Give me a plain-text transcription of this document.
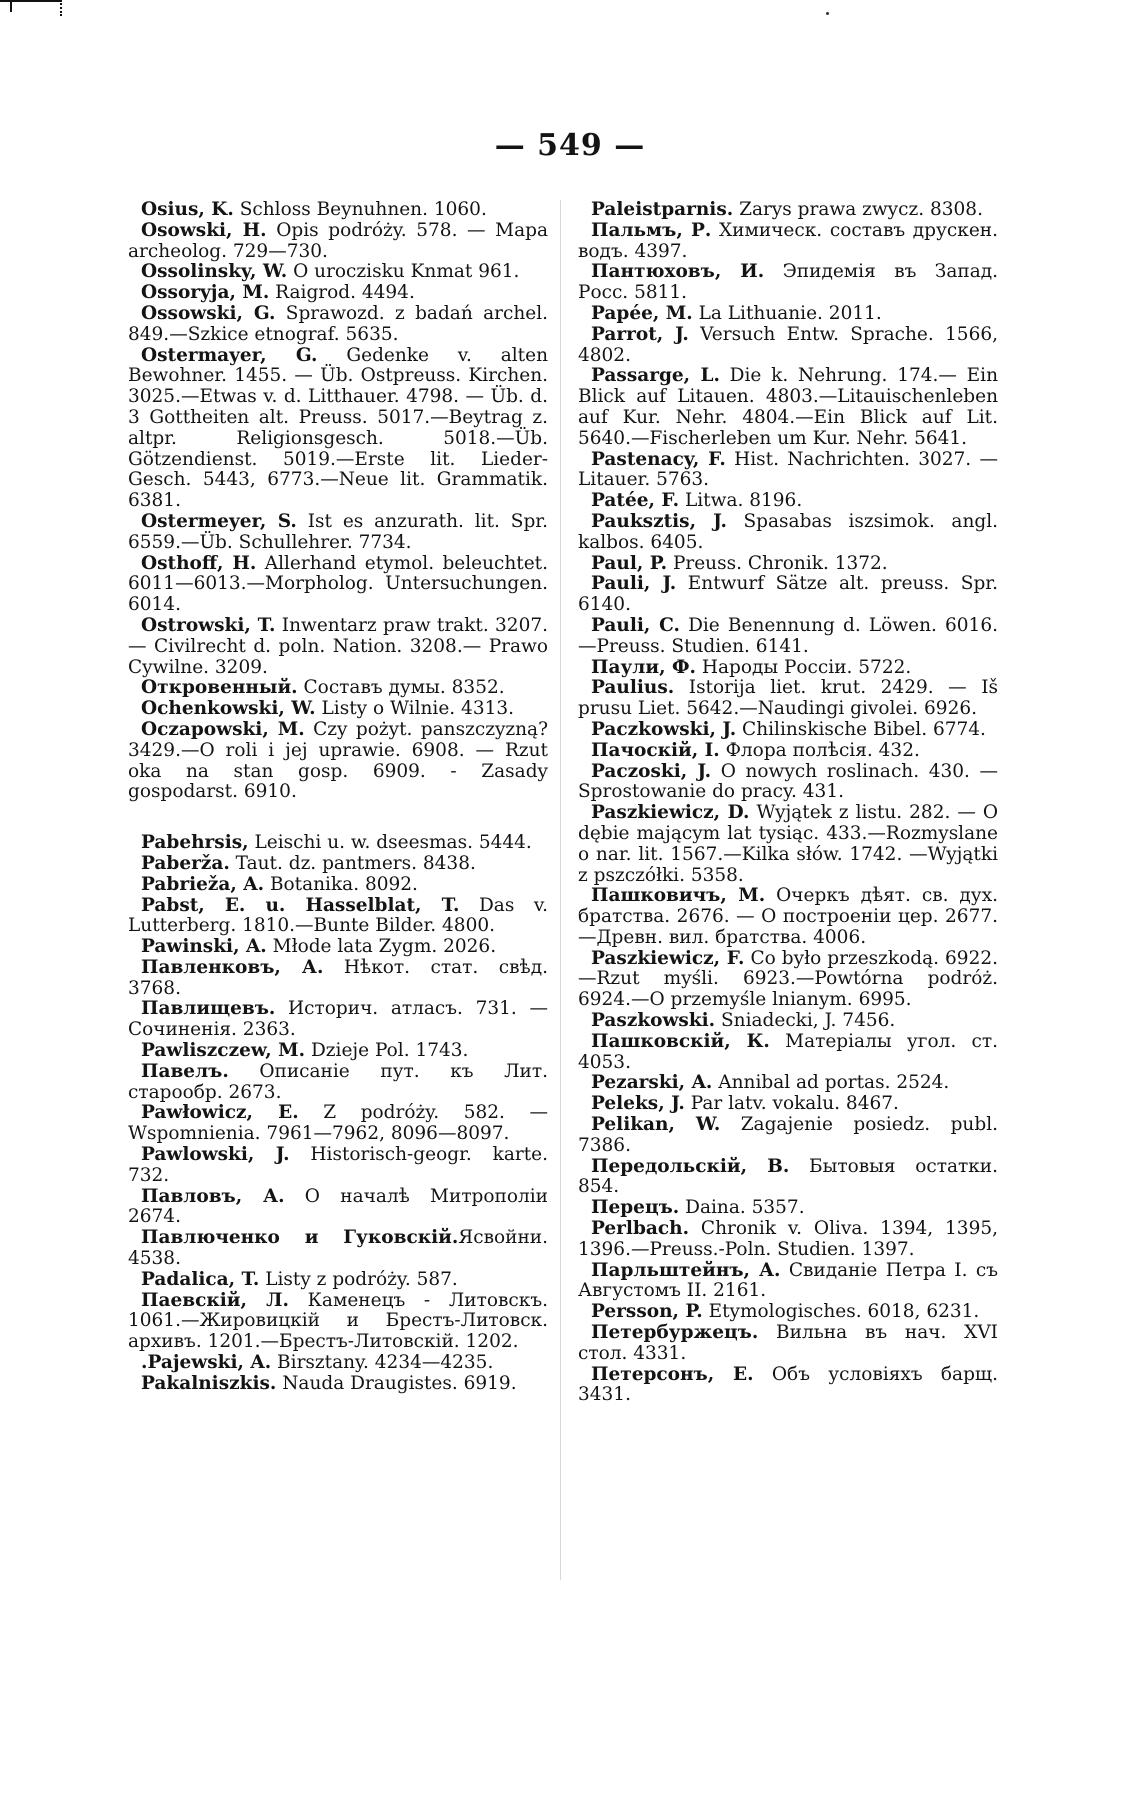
— 549 —
Osius, K. Schloss Beynuhnen. 1060.
Osowski, H. Opis podróży. 578. — Mapa archeolog. 729—730.
Ossolinsky, W. O uroczisku Knmat 961.
Ossoryja, M. Raigrod. 4494.
Ossowski, G. Sprawozd. z badań archel. 849.—Szkice etnograf. 5635.
Ostermayer, G. Gedenke v. alten Bewohner. 1455. — Üb. Ostpreuss. Kirchen. 3025.—Etwas v. d. Litthauer. 4798. — Üb. d. 3 Gottheiten alt. Preuss. 5017.—Beytrag z. altpr. Religionsgesch. 5018.—Üb. Götzendienst. 5019.—Erste lit. Lieder-Gesch. 5443, 6773.—Neue lit. Grammatik. 6381.
Ostermeyer, S. Ist es anzurath. lit. Spr. 6559.—Üb. Schullehrer. 7734.
Osthoff, H. Allerhand etymol. beleuchtet. 6011—6013.—Morpholog. Untersuchungen. 6014.
Ostrowski, T. Inwentarz praw trakt. 3207. — Civilrecht d. poln. Nation. 3208.— Prawo Cywilne. 3209.
Откровенный. Составъ думы. 8352.
Ochenkowski, W. Listy o Wilnie. 4313.
Oczapowski, M. Czy pożyt. panszczyzną? 3429.—O roli i jej uprawie. 6908. — Rzut oka na stan gosp. 6909. - Zasady gospodarst. 6910.
Pabehrsis, Leischi u. w. dseesmas. 5444.
Paberža. Taut. dz. pantmers. 8438.
Pabrieža, A. Botanika. 8092.
Pabst, E. u. Hasselblat, T. Das v. Lutterberg. 1810.—Bunte Bilder. 4800.
Pawinski, A. Młode lata Zygm. 2026.
Павленковъ, А. Нѣкот. стат. свѣд. 3768.
Павлищевъ. Историч. атласъ. 731. —Сочиненія. 2363.
Pawliszczew, M. Dzieje Pol. 1743.
Павелъ. Описаніе пут. къ Лит. старообр. 2673.
Pawłowicz, E. Z podróży. 582. — Wspomnienia. 7961—7962, 8096—8097.
Pawlowski, J. Historisch-geogr. karte. 732.
Павловъ, А. О началѣ Митрополіи 2674.
Павлюченко и Гуковскій.Ясвойни. 4538.
Padalica, T. Listy z podróży. 587.
Паевскій, Л. Каменецъ - Литовскъ. 1061.—Жировицкій и Брестъ-Литовск. архивъ. 1201.—Брестъ-Литовскій. 1202.
.Pajewski, A. Birsztany. 4234—4235.
Pakalniszkis. Nauda Draugistes. 6919.
Paleistparnis. Zarys prawa zwycz. 8308.
Пальмъ, Р. Химическ. составъ друскен. водъ. 4397.
Пантюховъ, И. Эпидемія въ Запад. Росс. 5811.
Papée, M. La Lithuanie. 2011.
Parrot, J. Versuch Entw. Sprache. 1566, 4802.
Passarge, L. Die k. Nehrung. 174.— Ein Blick auf Litauen. 4803.—Litauischenleben auf Kur. Nehr. 4804.—Ein Blick auf Lit. 5640.—Fischerleben um Kur. Nehr. 5641.
Pastenacy, F. Hist. Nachrichten. 3027. —Litauer. 5763.
Patée, F. Litwa. 8196.
Pauksztis, J. Spasabas iszsimok. angl. kalbos. 6405.
Paul, P. Preuss. Chronik. 1372.
Pauli, J. Entwurf Sätze alt. preuss. Spr. 6140.
Pauli, C. Die Benennung d. Löwen. 6016.—Preuss. Studien. 6141.
Паули, Ф. Народы Россіи. 5722.
Paulius. Istorija liet. krut. 2429. — Iš prusu Liet. 5642.—Naudingi givolei. 6926.
Paczkowski, J. Chilinskische Bibel. 6774.
Пачоскій, І. Флора полѣсія. 432.
Paczoski, J. O nowych roslinach. 430. —Sprostowanie do pracy. 431.
Paszkiewicz, D. Wyjątek z listu. 282. — O dębie mającym lat tysiąc. 433.—Rozmyslane o nar. lit. 1567.—Kilka słów. 1742. —Wyjątki z pszczółki. 5358.
Пашковичъ, М. Очеркъ дѣят. св. дух. братства. 2676. — О построеніи цер. 2677.—Древн. вил. братства. 4006.
Paszkiewicz, F. Co było przeszkodą. 6922.—Rzut myśli. 6923.—Powtórna podróż. 6924.—O przemyśle lnianym. 6995.
Paszkowski. Sniadecki, J. 7456.
Пашковскій, К. Матеріалы угол. ст. 4053.
Pezarski, A. Annibal ad portas. 2524.
Peleks, J. Par latv. vokalu. 8467.
Pelikan, W. Zagajenie posiedz. publ. 7386.
Передольскій, В. Бытовыя остатки. 854.
Перецъ. Daina. 5357.
Perlbach. Chronik v. Oliva. 1394, 1395, 1396.—Preuss.-Poln. Studien. 1397.
Парльштейнъ, А. Свиданіе Петра І. съ Августомъ II. 2161.
Persson, P. Etymologisches. 6018, 6231.
Петербуржецъ. Вильна въ нач. XVI стол. 4331.
Петерсонъ, Е. Объ условіяхъ барщ. 3431.
